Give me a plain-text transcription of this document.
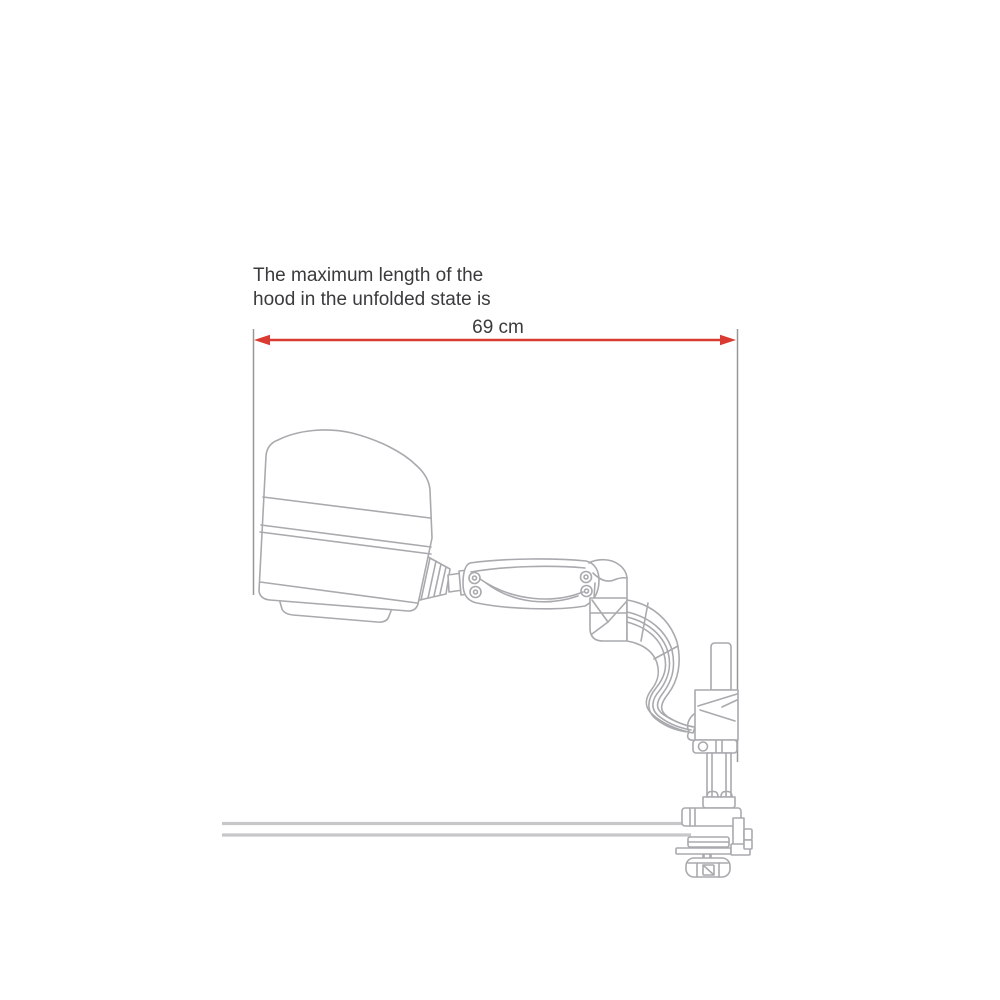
The maximum length of the
hood in the unfolded state is
69 cm
